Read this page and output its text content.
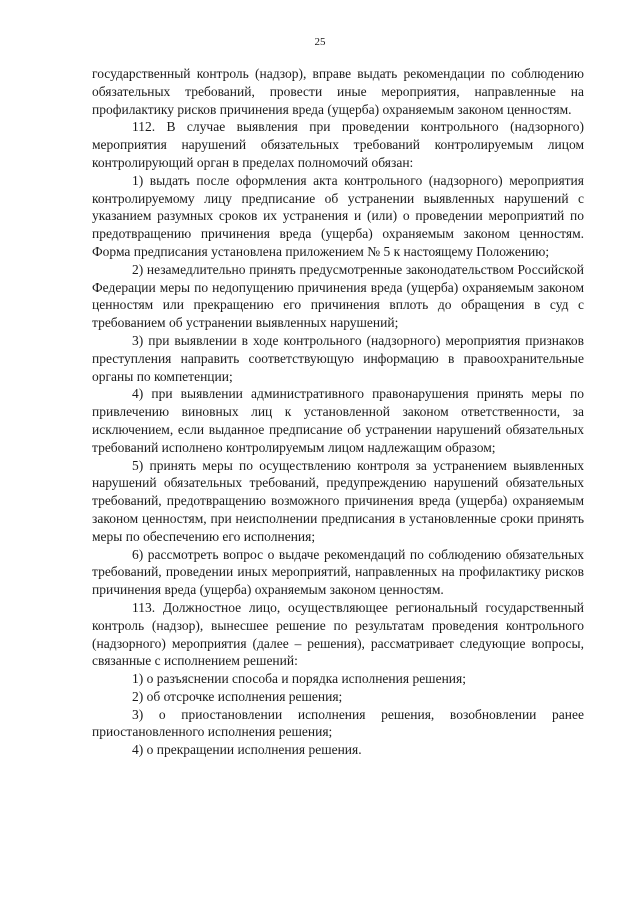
25

государственный контроль (надзор), вправе выдать рекомендации по соблюдению обязательных требований, провести иные мероприятия, направленные на профилактику рисков причинения вреда (ущерба) охраняемым законом ценностям.

112. В случае выявления при проведении контрольного (надзорного) мероприятия нарушений обязательных требований контролируемым лицом контролирующий орган в пределах полномочий обязан:

1) выдать после оформления акта контрольного (надзорного) мероприятия контролируемому лицу предписание об устранении выявленных нарушений с указанием разумных сроков их устранения и (или) о проведении мероприятий по предотвращению причинения вреда (ущерба) охраняемым законом ценностям. Форма предписания установлена приложением № 5 к настоящему Положению;

2) незамедлительно принять предусмотренные законодательством Российской Федерации меры по недопущению причинения вреда (ущерба) охраняемым законом ценностям или прекращению его причинения вплоть до обращения в суд с требованием об устранении выявленных нарушений;

3) при выявлении в ходе контрольного (надзорного) мероприятия признаков преступления направить соответствующую информацию в правоохранительные органы по компетенции;

4) при выявлении административного правонарушения принять меры по привлечению виновных лиц к установленной законом ответственности, за исключением, если выданное предписание об устранении нарушений обязательных требований исполнено контролируемым лицом надлежащим образом;

5) принять меры по осуществлению контроля за устранением выявленных нарушений обязательных требований, предупреждению нарушений обязательных требований, предотвращению возможного причинения вреда (ущерба) охраняемым законом ценностям, при неисполнении предписания в установленные сроки принять меры по обеспечению его исполнения;

6) рассмотреть вопрос о выдаче рекомендаций по соблюдению обязательных требований, проведении иных мероприятий, направленных на профилактику рисков причинения вреда (ущерба) охраняемым законом ценностям.

113. Должностное лицо, осуществляющее региональный государственный контроль (надзор), вынесшее решение по результатам проведения контрольного (надзорного) мероприятия (далее – решения), рассматривает следующие вопросы, связанные с исполнением решений:

1) о разъяснении способа и порядка исполнения решения;

2) об отсрочке исполнения решения;

3) о приостановлении исполнения решения, возобновлении ранее приостановленного исполнения решения;

4) о прекращении исполнения решения.
